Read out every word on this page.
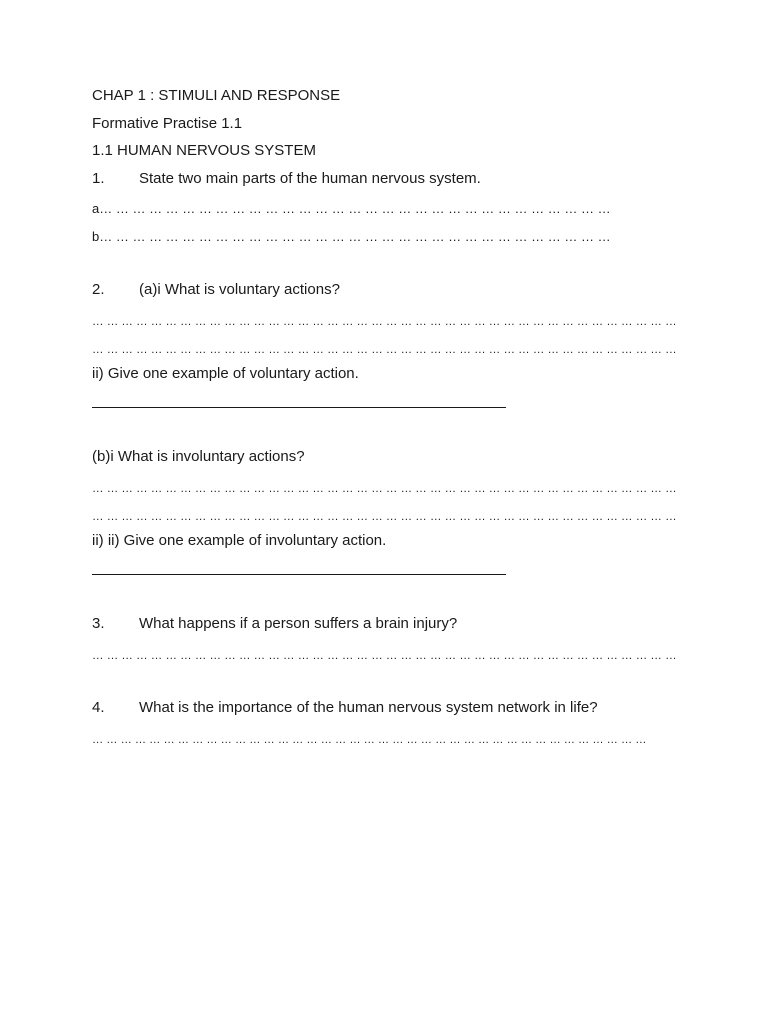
CHAP 1 : STIMULI AND RESPONSE
Formative Practise 1.1
1.1 HUMAN NERVOUS SYSTEM
1. State two main parts of the human nervous system.
a… … … … … … … … … … … … … … … … … … … … … … … … … … … … … … …
b… … … … … … … … … … … … … … … … … … … … … … … … … … … … … … …
2. (a)i What is voluntary actions?
… … … … … … … … … … … … … … … … … … … … … … … … … … … … … … … … … … … … … … … …
… … … … … … … … … … … … … … … … … … … … … … … … … … … … … … … … … … … … … … … …
ii) Give one example of voluntary action.
(b)i What is involuntary actions?
… … … … … … … … … … … … … … … … … … … … … … … … … … … … … … … … … … … … … … … …
… … … … … … … … … … … … … … … … … … … … … … … … … … … … … … … … … … … … … … … …
ii) ii) Give one example of involuntary action.
3. What happens if a person suffers a brain injury?
… … … … … … … … … … … … … … … … … … … … … … … … … … … … … … … … … … … … … … … …
4. What is the importance of the human nervous system network in life?
… … … … … … … … … … … … … … … … … … … … … … … … … … … … … … … … … … … … … … …
